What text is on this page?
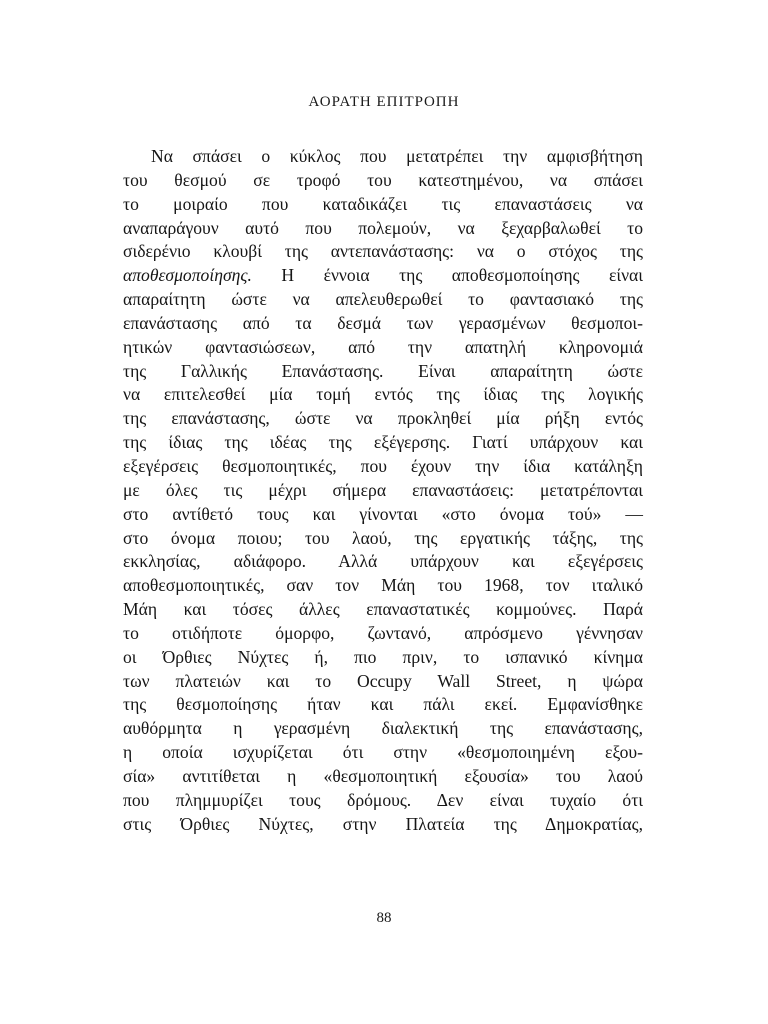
ΑΟΡΑΤΗ ΕΠΙΤΡΟΠΗ
Να σπάσει ο κύκλος που μετατρέπει την αμφισβήτηση
του θεσμού σε τροφό του κατεστημένου, να σπάσει
το μοιραίο που καταδικάζει τις επαναστάσεις να
αναπαράγουν αυτό που πολεμούν, να ξεχαρβαλωθεί το
σιδερένιο κλουβί της αντεπανάστασης: να ο στόχος της
αποθεσμοποίησης. Η έννοια της αποθεσμοποίησης είναι
απαραίτητη ώστε να απελευθερωθεί το φαντασιακό της
επανάστασης από τα δεσμά των γερασμένων θεσμοποι-
ητικών φαντασιώσεων, από την απατηλή κληρονομιά
της Γαλλικής Επανάστασης. Είναι απαραίτητη ώστε
να επιτελεσθεί μία τομή εντός της ίδιας της λογικής
της επανάστασης, ώστε να προκληθεί μία ρήξη εντός
της ίδιας της ιδέας της εξέγερσης. Γιατί υπάρχουν και
εξεγέρσεις θεσμοποιητικές, που έχουν την ίδια κατάληξη
με όλες τις μέχρι σήμερα επαναστάσεις: μετατρέπονται
στο αντίθετό τους και γίνονται «στο όνομα τού» —
στο όνομα ποιου; του λαού, της εργατικής τάξης, της
εκκλησίας, αδιάφορο. Αλλά υπάρχουν και εξεγέρσεις
αποθεσμοποιητικές, σαν τον Μάη του 1968, τον ιταλικό
Μάη και τόσες άλλες επαναστατικές κομμούνες. Παρά
το οτιδήποτε όμορφο, ζωντανό, απρόσμενο γέννησαν
οι Όρθιες Νύχτες ή, πιο πριν, το ισπανικό κίνημα
των πλατειών και το Occupy Wall Street, η ψώρα
της θεσμοποίησης ήταν και πάλι εκεί. Εμφανίσθηκε
αυθόρμητα η γερασμένη διαλεκτική της επανάστασης,
η οποία ισχυρίζεται ότι στην «θεσμοποιημένη εξου-
σία» αντιτίθεται η «θεσμοποιητική εξουσία» του λαού
που πλημμυρίζει τους δρόμους. Δεν είναι τυχαίο ότι
στις Όρθιες Νύχτες, στην Πλατεία της Δημοκρατίας,
88
